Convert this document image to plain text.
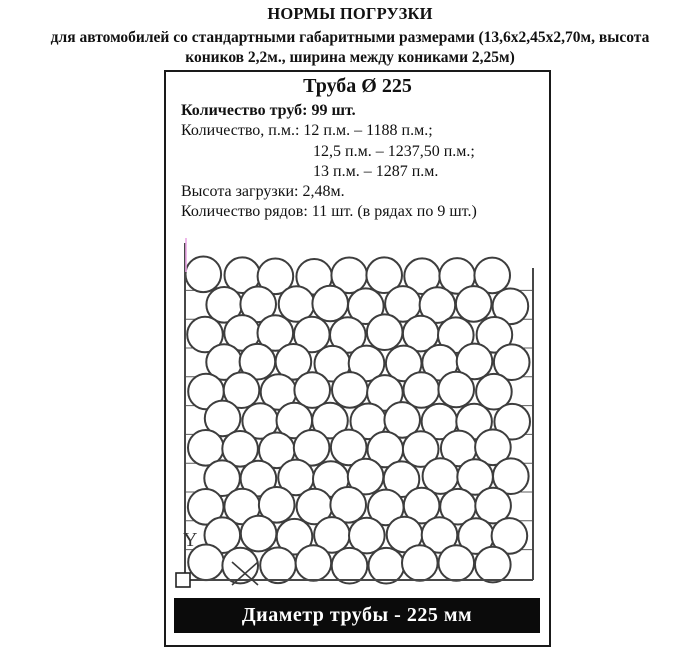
НОРМЫ ПОГРУЗКИ
для автомобилей со стандартными габаритными размерами (13,6х2,45х2,70м, высота
коников 2,2м., ширина между кониками 2,25м)
Труба Ø 225
Количество труб: 99 шт.
Количество, п.м.: 12 п.м. – 1188 п.м.;
12,5 п.м. – 1237,50 п.м.;
13 п.м. – 1287 п.м.
Высота загрузки: 2,48м.
Количество рядов: 11 шт. (в рядах по 9 шт.)
Y
Диаметр трубы - 225 мм
